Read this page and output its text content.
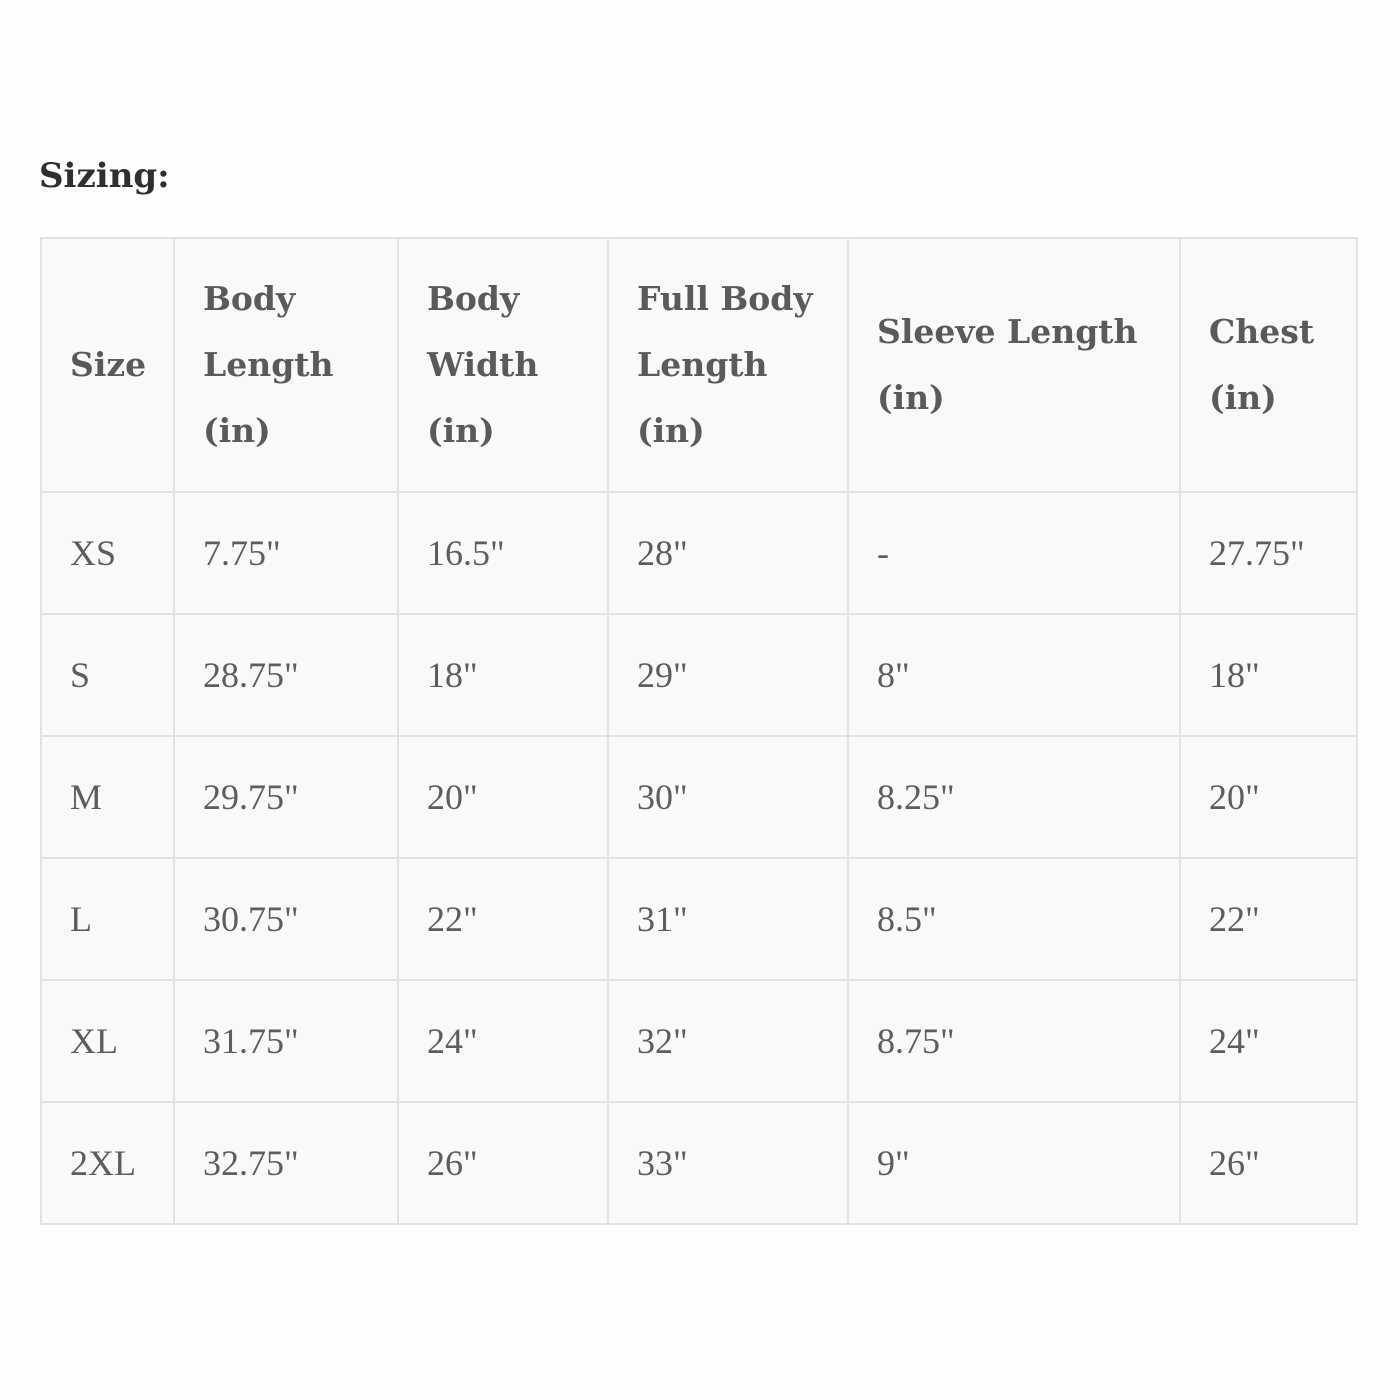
Sizing:
Size	Body Length (in)	Body Width (in)	Full Body Length (in)	Sleeve Length (in)	Chest (in)
XS	7.75"	16.5"	28"	-	27.75"
S	28.75"	18"	29"	8"	18"
M	29.75"	20"	30"	8.25"	20"
L	30.75"	22"	31"	8.5"	22"
XL	31.75"	24"	32"	8.75"	24"
2XL	32.75"	26"	33"	9"	26"
